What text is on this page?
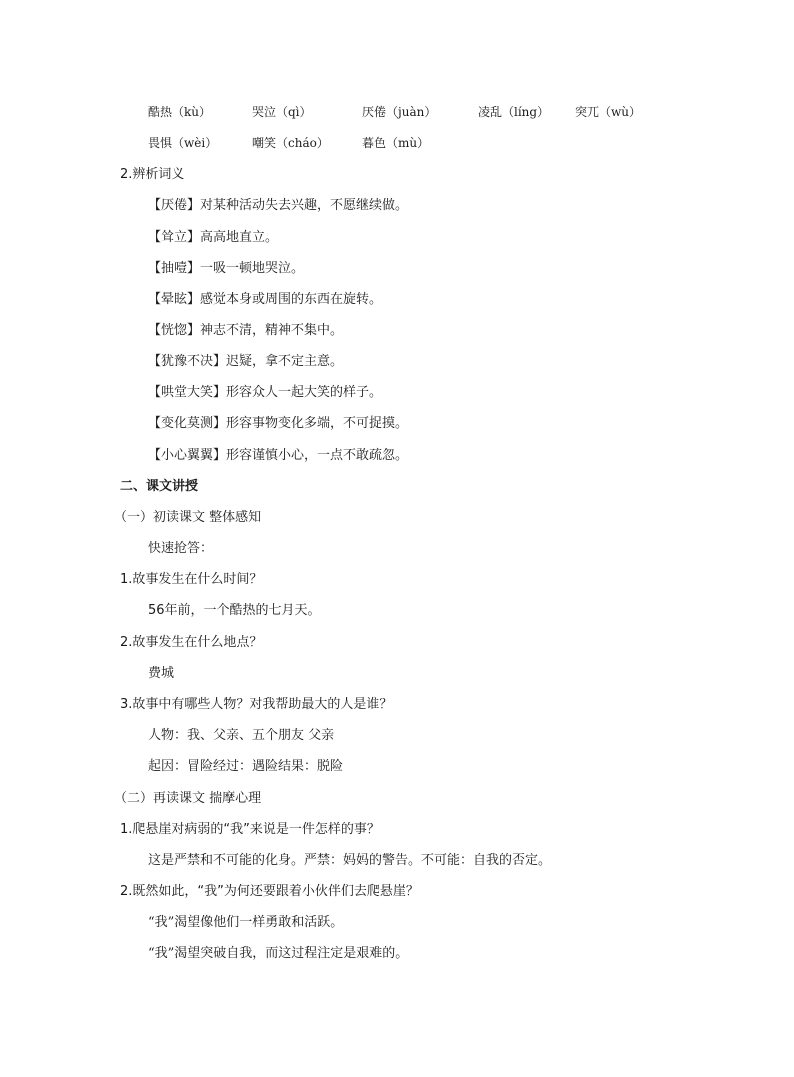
酷热（kù）	哭泣（qì）	厌倦（juàn）	凌乱（líng） 突兀（wù）
畏惧（wèi）	嘲笑（cháo）	暮色（mù）
2.辨析词义
【厌倦】对某种活动失去兴趣，不愿继续做。
【耸立】高高地直立。
【抽噎】一吸一顿地哭泣。
【晕眩】感觉本身或周围的东西在旋转。
【恍惚】神志不清，精神不集中。
【犹豫不决】迟疑，拿不定主意。
【哄堂大笑】形容众人一起大笑的样子。
【变化莫测】形容事物变化多端，不可捉摸。
【小心翼翼】形容谨慎小心，一点不敢疏忽。
二、课文讲授
（一）初读课文 整体感知
快速抢答：
1.故事发生在什么时间？
56年前，一个酷热的七月天。
2.故事发生在什么地点？
费城
3.故事中有哪些人物？对我帮助最大的人是谁？
人物：我、父亲、五个朋友 父亲
起因：冒险经过：遇险结果：脱险
（二）再读课文 揣摩心理
1.爬悬崖对病弱的“我”来说是一件怎样的事？
这是严禁和不可能的化身。严禁：妈妈的警告。不可能：自我的否定。
2.既然如此，“我”为何还要跟着小伙伴们去爬悬崖？
“我”渴望像他们一样勇敢和活跃。
“我”渴望突破自我，而这过程注定是艰难的。
